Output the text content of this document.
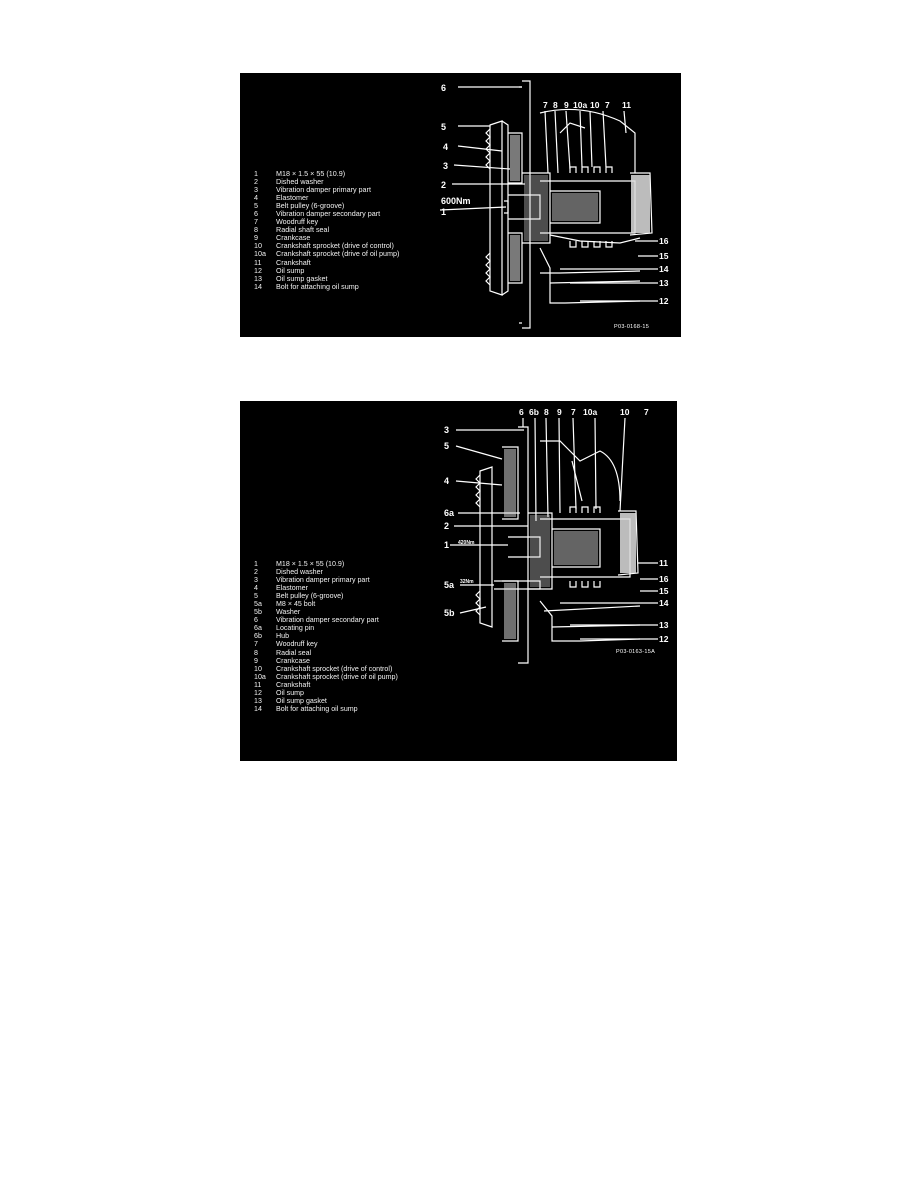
6
5
4
3
2
600Nm
1
7 8 9 10a 10 7 11
16
15
14
13
12
1	M18 × 1.5 × 55 (10.9)
2	Dished washer
3	Vibration damper primary part
4	Elastomer
5	Belt pulley (6-groove)
6	Vibration damper secondary part
7	Woodruff key
8	Radial shaft seal
9	Crankcase
10	Crankshaft sprocket (drive of control)
10a	Crankshaft sprocket (drive of oil pump)
11	Crankshaft
12	Oil sump
13	Oil sump gasket
14	Bolt for attaching oil sump
P03-0168-15
3
5
4
6a
2
1 420Nm
5a 32Nm
5b
6 6b 8 9 7 10a	10 7
11
16
15
14
13
12
1	M18 × 1.5 × 55 (10.9)
2	Dished washer
3	Vibration damper primary part
4	Elastomer
5	Belt pulley (6-groove)
5a	M8 × 45 bolt
5b	Washer
6	Vibration damper secondary part
6a	Locating pin
6b	Hub
7	Woodruff key
8	Radial seal
9	Crankcase
10	Crankshaft sprocket (drive of control)
10a	Crankshaft sprocket (drive of oil pump)
11	Crankshaft
12	Oil sump
13	Oil sump gasket
14	Bolt for attaching oil sump
P03-0163-15A
